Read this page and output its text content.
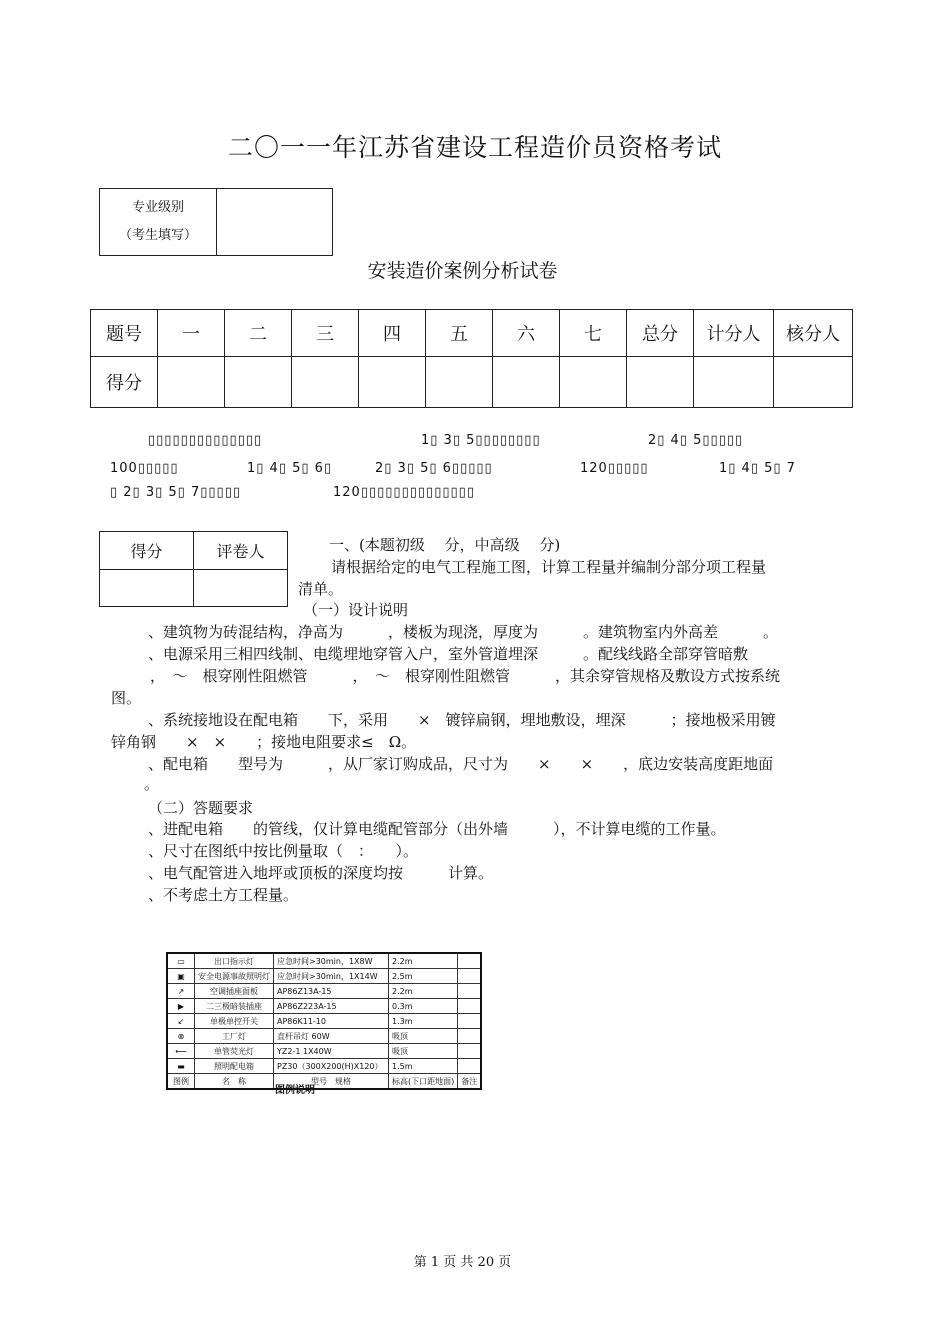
二〇一一年江苏省建设工程造价员资格考试
专业级别
（考生填写）

安装造价案例分析试卷
题号	一	二	三	四	五	六	七	总分	计分人	核分人
得分										
▯▯▯▯▯▯▯▯▯▯▯▯▯▯	1▯ 3▯ 5▯▯▯▯▯▯▯▯	2▯ 4▯ 5▯▯▯▯▯
100▯▯▯▯▯	1▯ 4▯ 5▯ 6▯	2▯ 3▯ 5▯ 6▯▯▯▯▯	120▯▯▯▯▯	1▯ 4▯ 5▯ 7
▯ 2▯ 3▯ 5▯ 7▯▯▯▯▯	120▯▯▯▯▯▯▯▯▯▯▯▯▯▯
得分	评卷人
		一、(本题初级　 分，中高级　 分)
请根据给定的电气工程施工图，计算工程量并编制分部分项工程量
清单。
（一）设计说明
、建筑物为砖混结构，净高为　　　，楼板为现浇，厚度为　　　。建筑物室内外高差　　　。
、电源采用三相四线制、电缆埋地穿管入户，室外管道埋深　　　。配线线路全部穿管暗敷
，　～　根穿刚性阻燃管　　　，　～　根穿刚性阻燃管　　　，其余穿管规格及敷设方式按系统
图。
、系统接地设在配电箱　　下，采用　　×　镀锌扁钢，埋地敷设，埋深　　　；接地极采用镀
锌角钢　　×　×　　；接地电阻要求≤　Ω。
、配电箱　　型号为　　　，从厂家订购成品，尺寸为　　×　　×　　，底边安装高度距地面
。
（二）答题要求
、进配电箱　　的管线，仅计算电缆配管部分（出外墙　　　），不计算电缆的工作量。
、尺寸在图纸中按比例量取（　：　　）。
、电气配管进入地坪或顶板的深度均按　　　计算。
、不考虑土方工程量。
▭	出口指示灯	应急时间>30min，1X8W	2.2m	
▣	安全电源事故照明灯	应急时间>30min，1X14W	2.5m	
↗	空调插座面板	AP86Z13A-15	2.2m	
▶	二三极暗装插座	AP86Z223A-15	0.3m	
↙	单极单控开关	AP86K11-10	1.3m	
⊗	工厂灯	直杆吊灯 60W	吸顶	
⟵	单管荧光灯	YZ2-1 1X40W	吸顶	
▬	照明配电箱	PZ30（300X200(H)X120）	1.5m	
图例	名　称	型号　规格	标高(下口距地面)	备注
图例说明
第 1 页 共 20 页
